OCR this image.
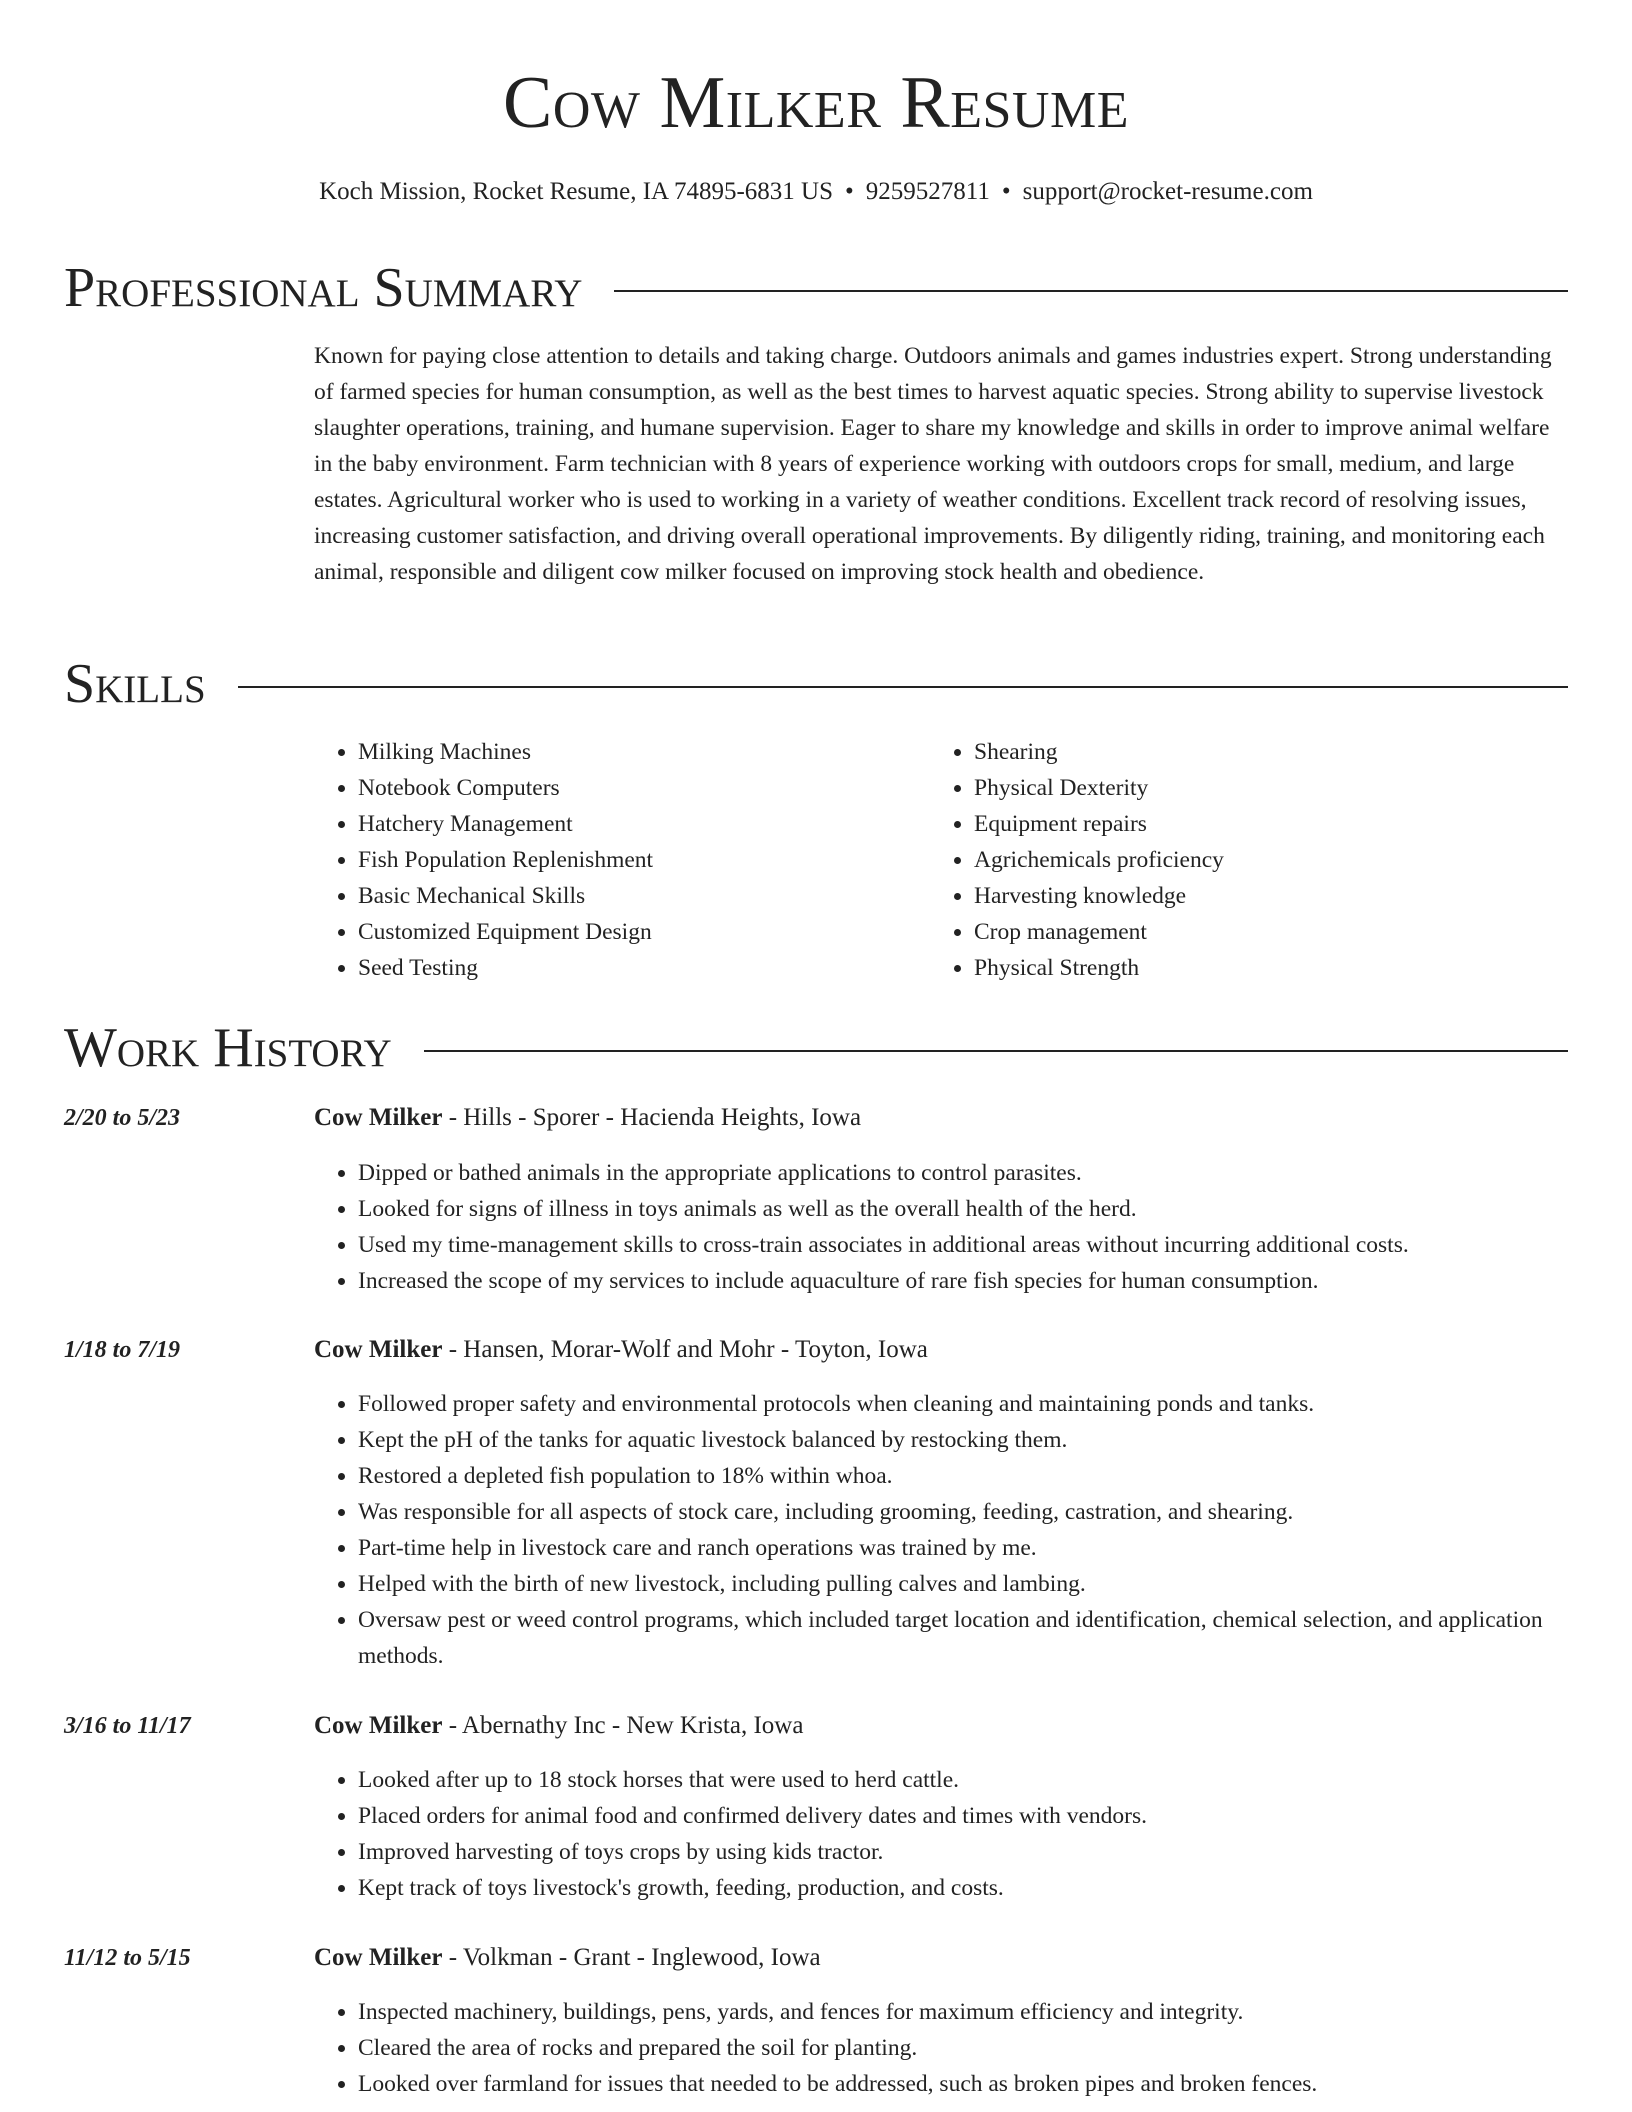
Cow Milker Resume
Koch Mission, Rocket Resume, IA 74895-6831 US • 9259527811 • support@rocket-resume.com
Professional Summary

Known for paying close attention to details and taking charge. Outdoors animals and games industries expert. Strong understanding of farmed species for human consumption, as well as the best times to harvest aquatic species. Strong ability to supervise livestock slaughter operations, training, and humane supervision. Eager to share my knowledge and skills in order to improve animal welfare in the baby environment. Farm technician with 8 years of experience working with outdoors crops for small, medium, and large estates. Agricultural worker who is used to working in a variety of weather conditions. Excellent track record of resolving issues, increasing customer satisfaction, and driving overall operational improvements. By diligently riding, training, and monitoring each animal, responsible and diligent cow milker focused on improving stock health and obedience.

Skills
• Milking Machines
• Notebook Computers
• Hatchery Management
• Fish Population Replenishment
• Basic Mechanical Skills
• Customized Equipment Design
• Seed Testing
• Shearing
• Physical Dexterity
• Equipment repairs
• Agrichemicals proficiency
• Harvesting knowledge
• Crop management
• Physical Strength
Work History
2/20 to 5/23	Cow Milker - Hills - Sporer - Hacienda Heights, Iowa
• Dipped or bathed animals in the appropriate applications to control parasites.
• Looked for signs of illness in toys animals as well as the overall health of the herd.
• Used my time-management skills to cross-train associates in additional areas without incurring additional costs.
• Increased the scope of my services to include aquaculture of rare fish species for human consumption.
1/18 to 7/19	Cow Milker - Hansen, Morar-Wolf and Mohr - Toyton, Iowa
• Followed proper safety and environmental protocols when cleaning and maintaining ponds and tanks.
• Kept the pH of the tanks for aquatic livestock balanced by restocking them.
• Restored a depleted fish population to 18% within whoa.
• Was responsible for all aspects of stock care, including grooming, feeding, castration, and shearing.
• Part-time help in livestock care and ranch operations was trained by me.
• Helped with the birth of new livestock, including pulling calves and lambing.
• Oversaw pest or weed control programs, which included target location and identification, chemical selection, and application methods.
3/16 to 11/17	Cow Milker - Abernathy Inc - New Krista, Iowa
• Looked after up to 18 stock horses that were used to herd cattle.
• Placed orders for animal food and confirmed delivery dates and times with vendors.
• Improved harvesting of toys crops by using kids tractor.
• Kept track of toys livestock's growth, feeding, production, and costs.
11/12 to 5/15	Cow Milker - Volkman - Grant - Inglewood, Iowa
• Inspected machinery, buildings, pens, yards, and fences for maximum efficiency and integrity.
• Cleared the area of rocks and prepared the soil for planting.
• Looked over farmland for issues that needed to be addressed, such as broken pipes and broken fences.
